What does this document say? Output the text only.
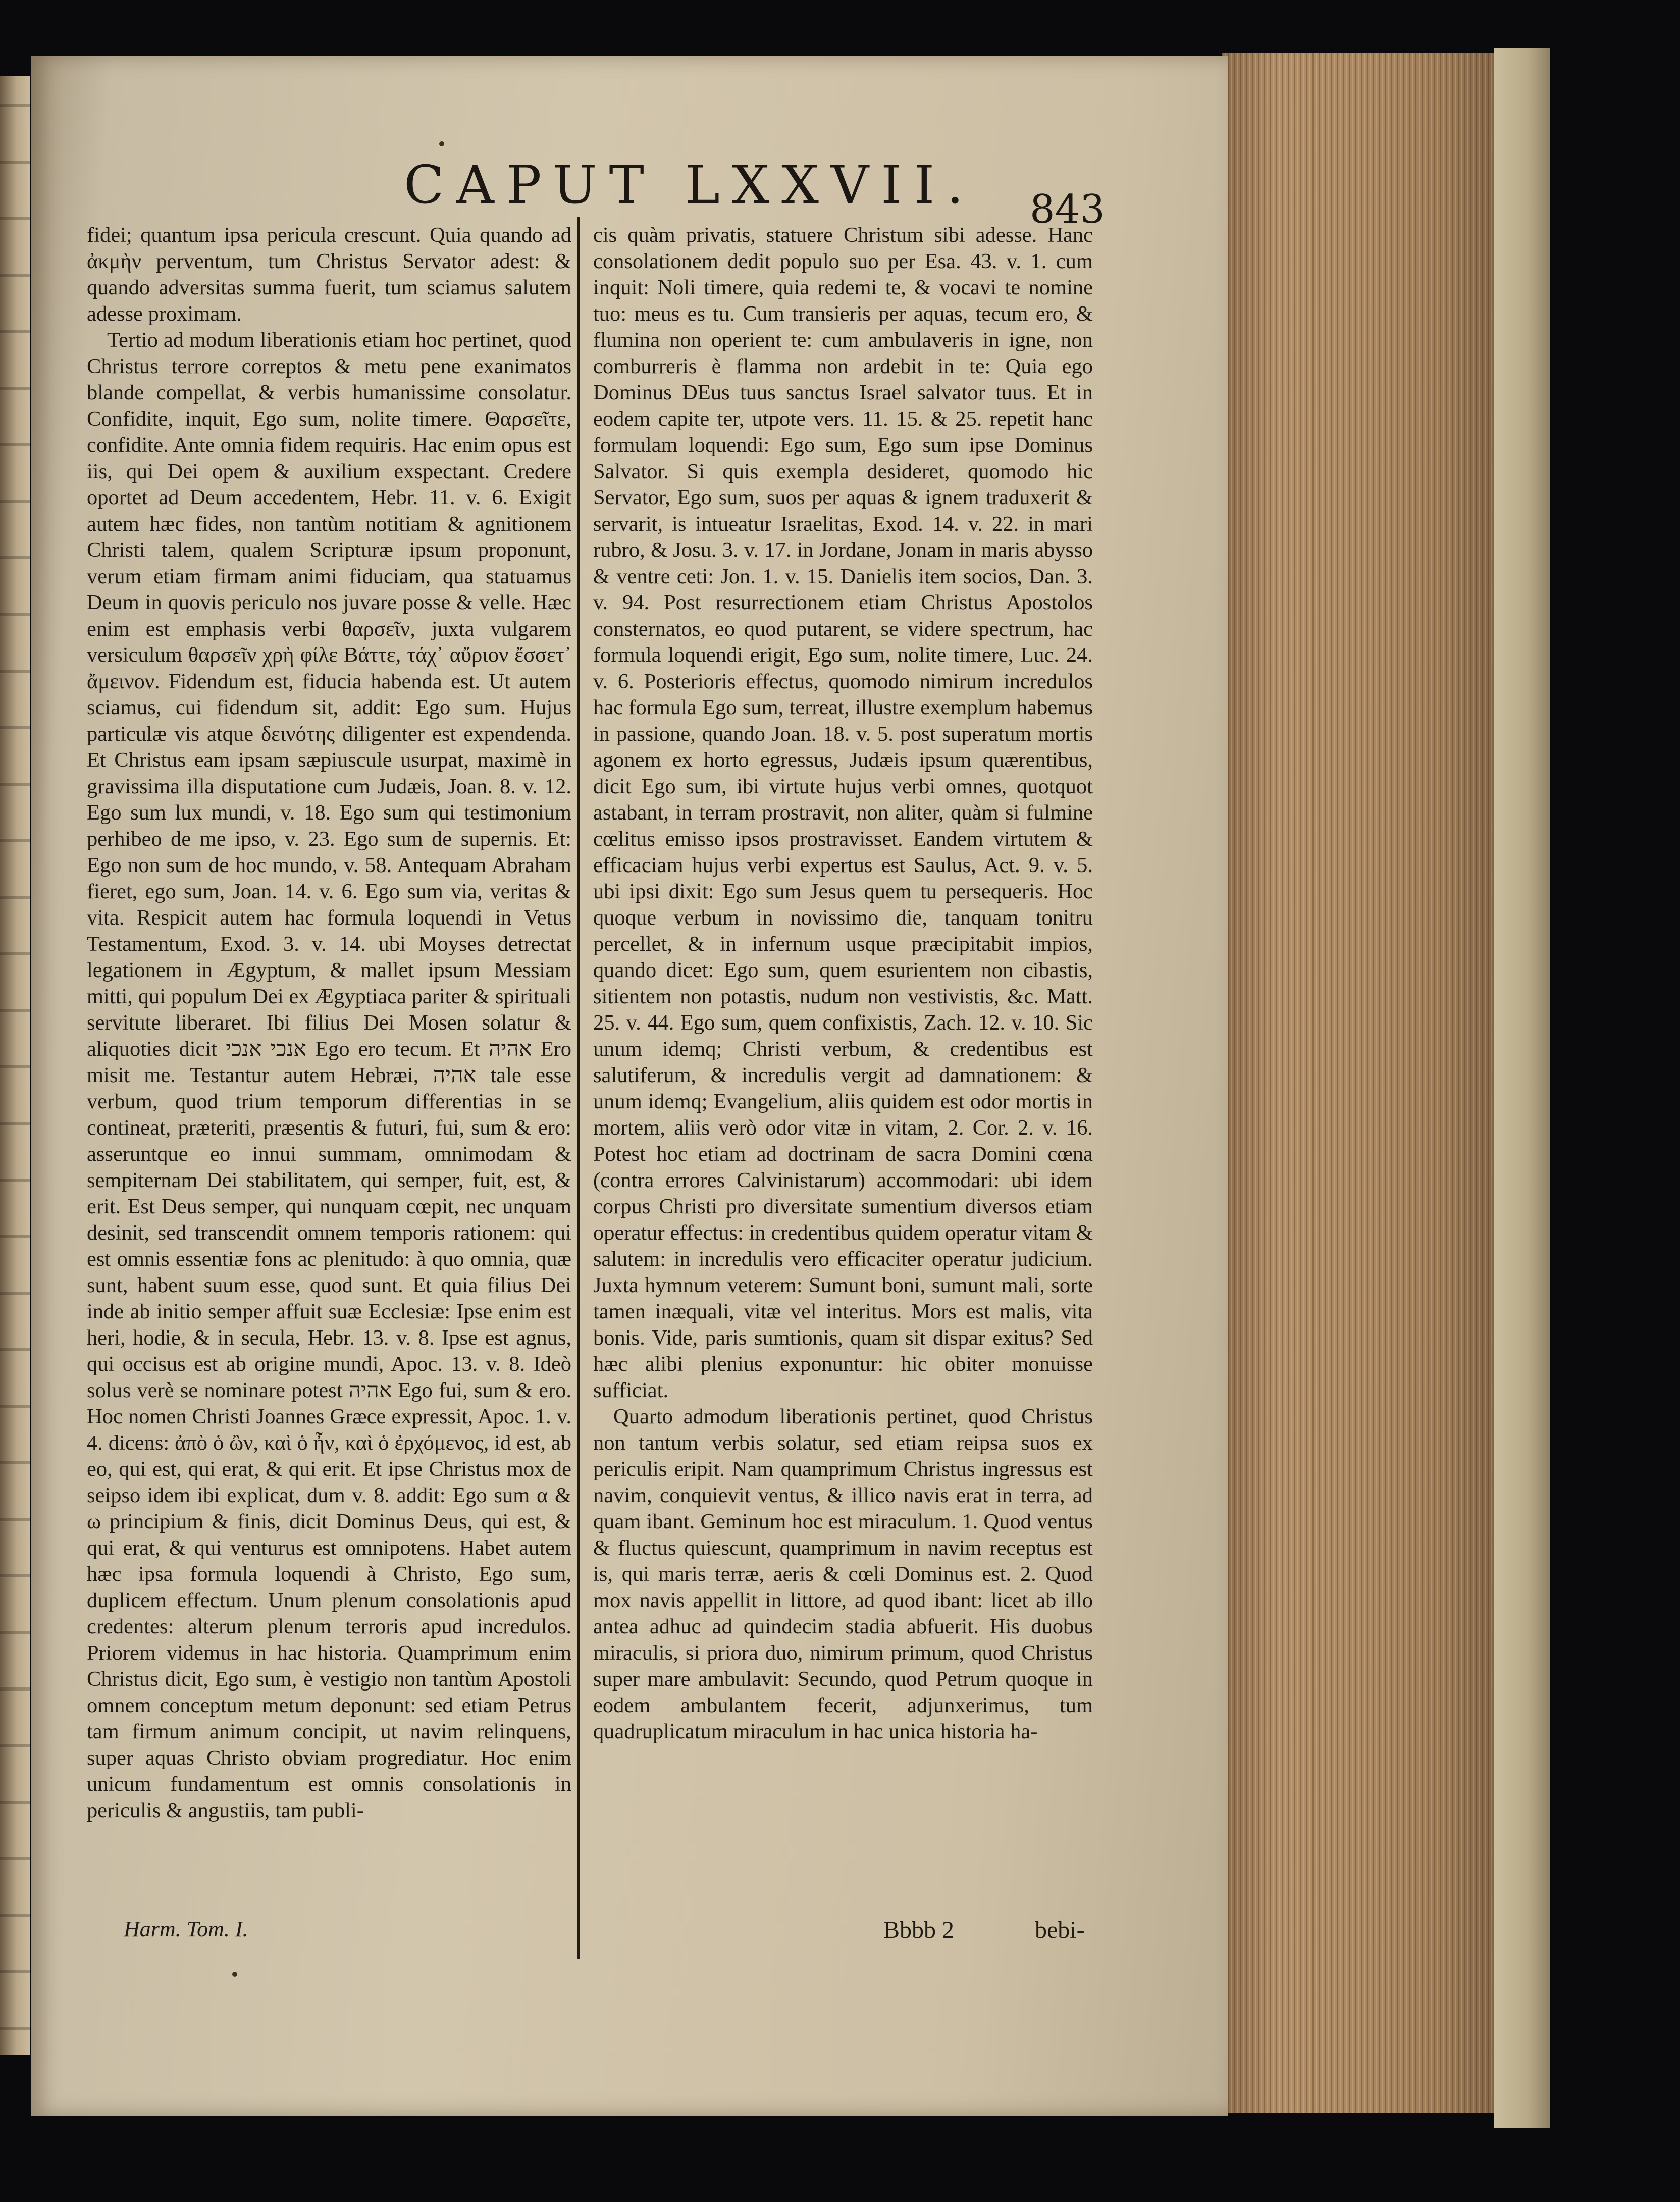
CAPUT LXXVII. 843

fidei; quantum ipsa pericula crescunt. Quia quando ad ἀκμὴν perventum, tum Christus Servator adest: & quando adversitas summa fuerit, tum sciamus salutem adesse proximam.

Tertio ad modum liberationis etiam hoc pertinet, quod Christus terrore correptos & metu pene exanimatos blande compellat, & verbis humanissime consolatur. Confidite, inquit, Ego sum, nolite timere. Θαρσεῖτε, confidite. Ante omnia fidem requiris. Hac enim opus est iis, qui Dei opem & auxilium exspectant. Credere oportet ad Deum accedentem, Hebr. 11. v. 6. Exigit autem hæc fides, non tantùm notitiam & agnitionem Christi talem, qualem Scripturæ ipsum proponunt, verum etiam firmam animi fiduciam, qua statuamus Deum in quovis periculo nos juvare posse & velle. Hæc enim est emphasis verbi θαρσεῖν, juxta vulgarem versiculum θαρσεῖν χρὴ φίλε Βάττε, τάχ᾽ αὔριον ἔσσετ᾽ ἄμεινον. Fidendum est, fiducia habenda est. Ut autem sciamus, cui fidendum sit, addit: Ego sum. Hujus particulæ vis atque δεινότης diligenter est expendenda. Et Christus eam ipsam sæpiuscule usurpat, maximè in gravissima illa disputatione cum Judæis, Joan. 8. v. 12. Ego sum lux mundi, v. 18. Ego sum qui testimonium perhibeo de me ipso, v. 23. Ego sum de supernis. Et: Ego non sum de hoc mundo, v. 58. Antequam Abraham fieret, ego sum, Joan. 14. v. 6. Ego sum via, veritas & vita. Respicit autem hac formula loquendi in Vetus Testamentum, Exod. 3. v. 14. ubi Moyses detrectat legationem in Ægyptum, & mallet ipsum Messiam mitti, qui populum Dei ex Ægyptiaca pariter & spirituali servitute liberaret. Ibi filius Dei Mosen solatur & aliquoties dicit אנכי אנכי Ego ero tecum. Et אהיה Ero misit me. Testantur autem Hebræi, אהיה tale esse verbum, quod trium temporum differentias in se contineat, præteriti, præsentis & futuri, fui, sum & ero: asseruntque eo innui summam, omnimodam & sempiternam Dei stabilitatem, qui semper, fuit, est, & erit. Est Deus semper, qui nunquam cœpit, nec unquam desinit, sed transcendit omnem temporis rationem: qui est omnis essentiæ fons ac plenitudo: à quo omnia, quæ sunt, habent suum esse, quod sunt. Et quia filius Dei inde ab initio semper affuit suæ Ecclesiæ: Ipse enim est heri, hodie, & in secula, Hebr. 13. v. 8. Ipse est agnus, qui occisus est ab origine mundi, Apoc. 13. v. 8. Ideò solus verè se nominare potest אהיה Ego fui, sum & ero. Hoc nomen Christi Joannes Græce expressit, Apoc. 1. v. 4. dicens: ἀπὸ ὁ ὢν, καὶ ὁ ἦν, καὶ ὁ ἐρχόμενος, id est, ab eo, qui est, qui erat, & qui erit. Et ipse Christus mox de seipso idem ibi explicat, dum v. 8. addit: Ego sum α & ω principium & finis, dicit Dominus Deus, qui est, & qui erat, & qui venturus est omnipotens. Habet autem hæc ipsa formula loquendi à Christo, Ego sum, duplicem effectum. Unum plenum consolationis apud credentes: alterum plenum terroris apud incredulos. Priorem videmus in hac historia. Quamprimum enim Christus dicit, Ego sum, è vestigio non tantùm Apostoli omnem conceptum metum deponunt: sed etiam Petrus tam firmum animum concipit, ut navim relinquens, super aquas Christo obviam progrediatur. Hoc enim unicum fundamentum est omnis consolationis in periculis & angustiis, tam publi-

cis quàm privatis, statuere Christum sibi adesse. Hanc consolationem dedit populo suo per Esa. 43. v. 1. cum inquit: Noli timere, quia redemi te, & vocavi te nomine tuo: meus es tu. Cum transieris per aquas, tecum ero, & flumina non operient te: cum ambulaveris in igne, non comburreris è flamma non ardebit in te: Quia ego Dominus DEus tuus sanctus Israel salvator tuus. Et in eodem capite ter, utpote vers. 11. 15. & 25. repetit hanc formulam loquendi: Ego sum, Ego sum ipse Dominus Salvator. Si quis exempla desideret, quomodo hic Servator, Ego sum, suos per aquas & ignem traduxerit & servarit, is intueatur Israelitas, Exod. 14. v. 22. in mari rubro, & Josu. 3. v. 17. in Jordane, Jonam in maris abysso & ventre ceti: Jon. 1. v. 15. Danielis item socios, Dan. 3. v. 94. Post resurrectionem etiam Christus Apostolos consternatos, eo quod putarent, se videre spectrum, hac formula loquendi erigit, Ego sum, nolite timere, Luc. 24. v. 6. Posterioris effectus, quomodo nimirum incredulos hac formula Ego sum, terreat, illustre exemplum habemus in passione, quando Joan. 18. v. 5. post superatum mortis agonem ex horto egressus, Judæis ipsum quærentibus, dicit Ego sum, ibi virtute hujus verbi omnes, quotquot astabant, in terram prostravit, non aliter, quàm si fulmine cœlitus emisso ipsos prostravisset. Eandem virtutem & efficaciam hujus verbi expertus est Saulus, Act. 9. v. 5. ubi ipsi dixit: Ego sum Jesus quem tu persequeris. Hoc quoque verbum in novissimo die, tanquam tonitru percellet, & in infernum usque præcipitabit impios, quando dicet: Ego sum, quem esurientem non cibastis, sitientem non potastis, nudum non vestivistis, &c. Matt. 25. v. 44. Ego sum, quem confixistis, Zach. 12. v. 10. Sic unum idemq; Christi verbum, & credentibus est salutiferum, & incredulis vergit ad damnationem: & unum idemq; Evangelium, aliis quidem est odor mortis in mortem, aliis verò odor vitæ in vitam, 2. Cor. 2. v. 16. Potest hoc etiam ad doctrinam de sacra Domini cœna (contra errores Calvinistarum) accommodari: ubi idem corpus Christi pro diversitate sumentium diversos etiam operatur effectus: in credentibus quidem operatur vitam & salutem: in incredulis vero efficaciter operatur judicium. Juxta hymnum veterem: Sumunt boni, sumunt mali, sorte tamen inæquali, vitæ vel interitus. Mors est malis, vita bonis. Vide, paris sumtionis, quam sit dispar exitus? Sed hæc alibi plenius exponuntur: hic obiter monuisse sufficiat.

Quarto admodum liberationis pertinet, quod Christus non tantum verbis solatur, sed etiam reipsa suos ex periculis eripit. Nam quamprimum Christus ingressus est navim, conquievit ventus, & illico navis erat in terra, ad quam ibant. Geminum hoc est miraculum. 1. Quod ventus & fluctus quiescunt, quamprimum in navim receptus est is, qui maris terræ, aeris & cœli Dominus est. 2. Quod mox navis appellit in littore, ad quod ibant: licet ab illo antea adhuc ad quindecim stadia abfuerit. His duobus miraculis, si priora duo, nimirum primum, quod Christus super mare ambulavit: Secundo, quod Petrum quoque in eodem ambulantem fecerit, adjunxerimus, tum quadruplicatum miraculum in hac unica historia ha-

Harm. Tom. I.	Bbbb 2	bebi-
